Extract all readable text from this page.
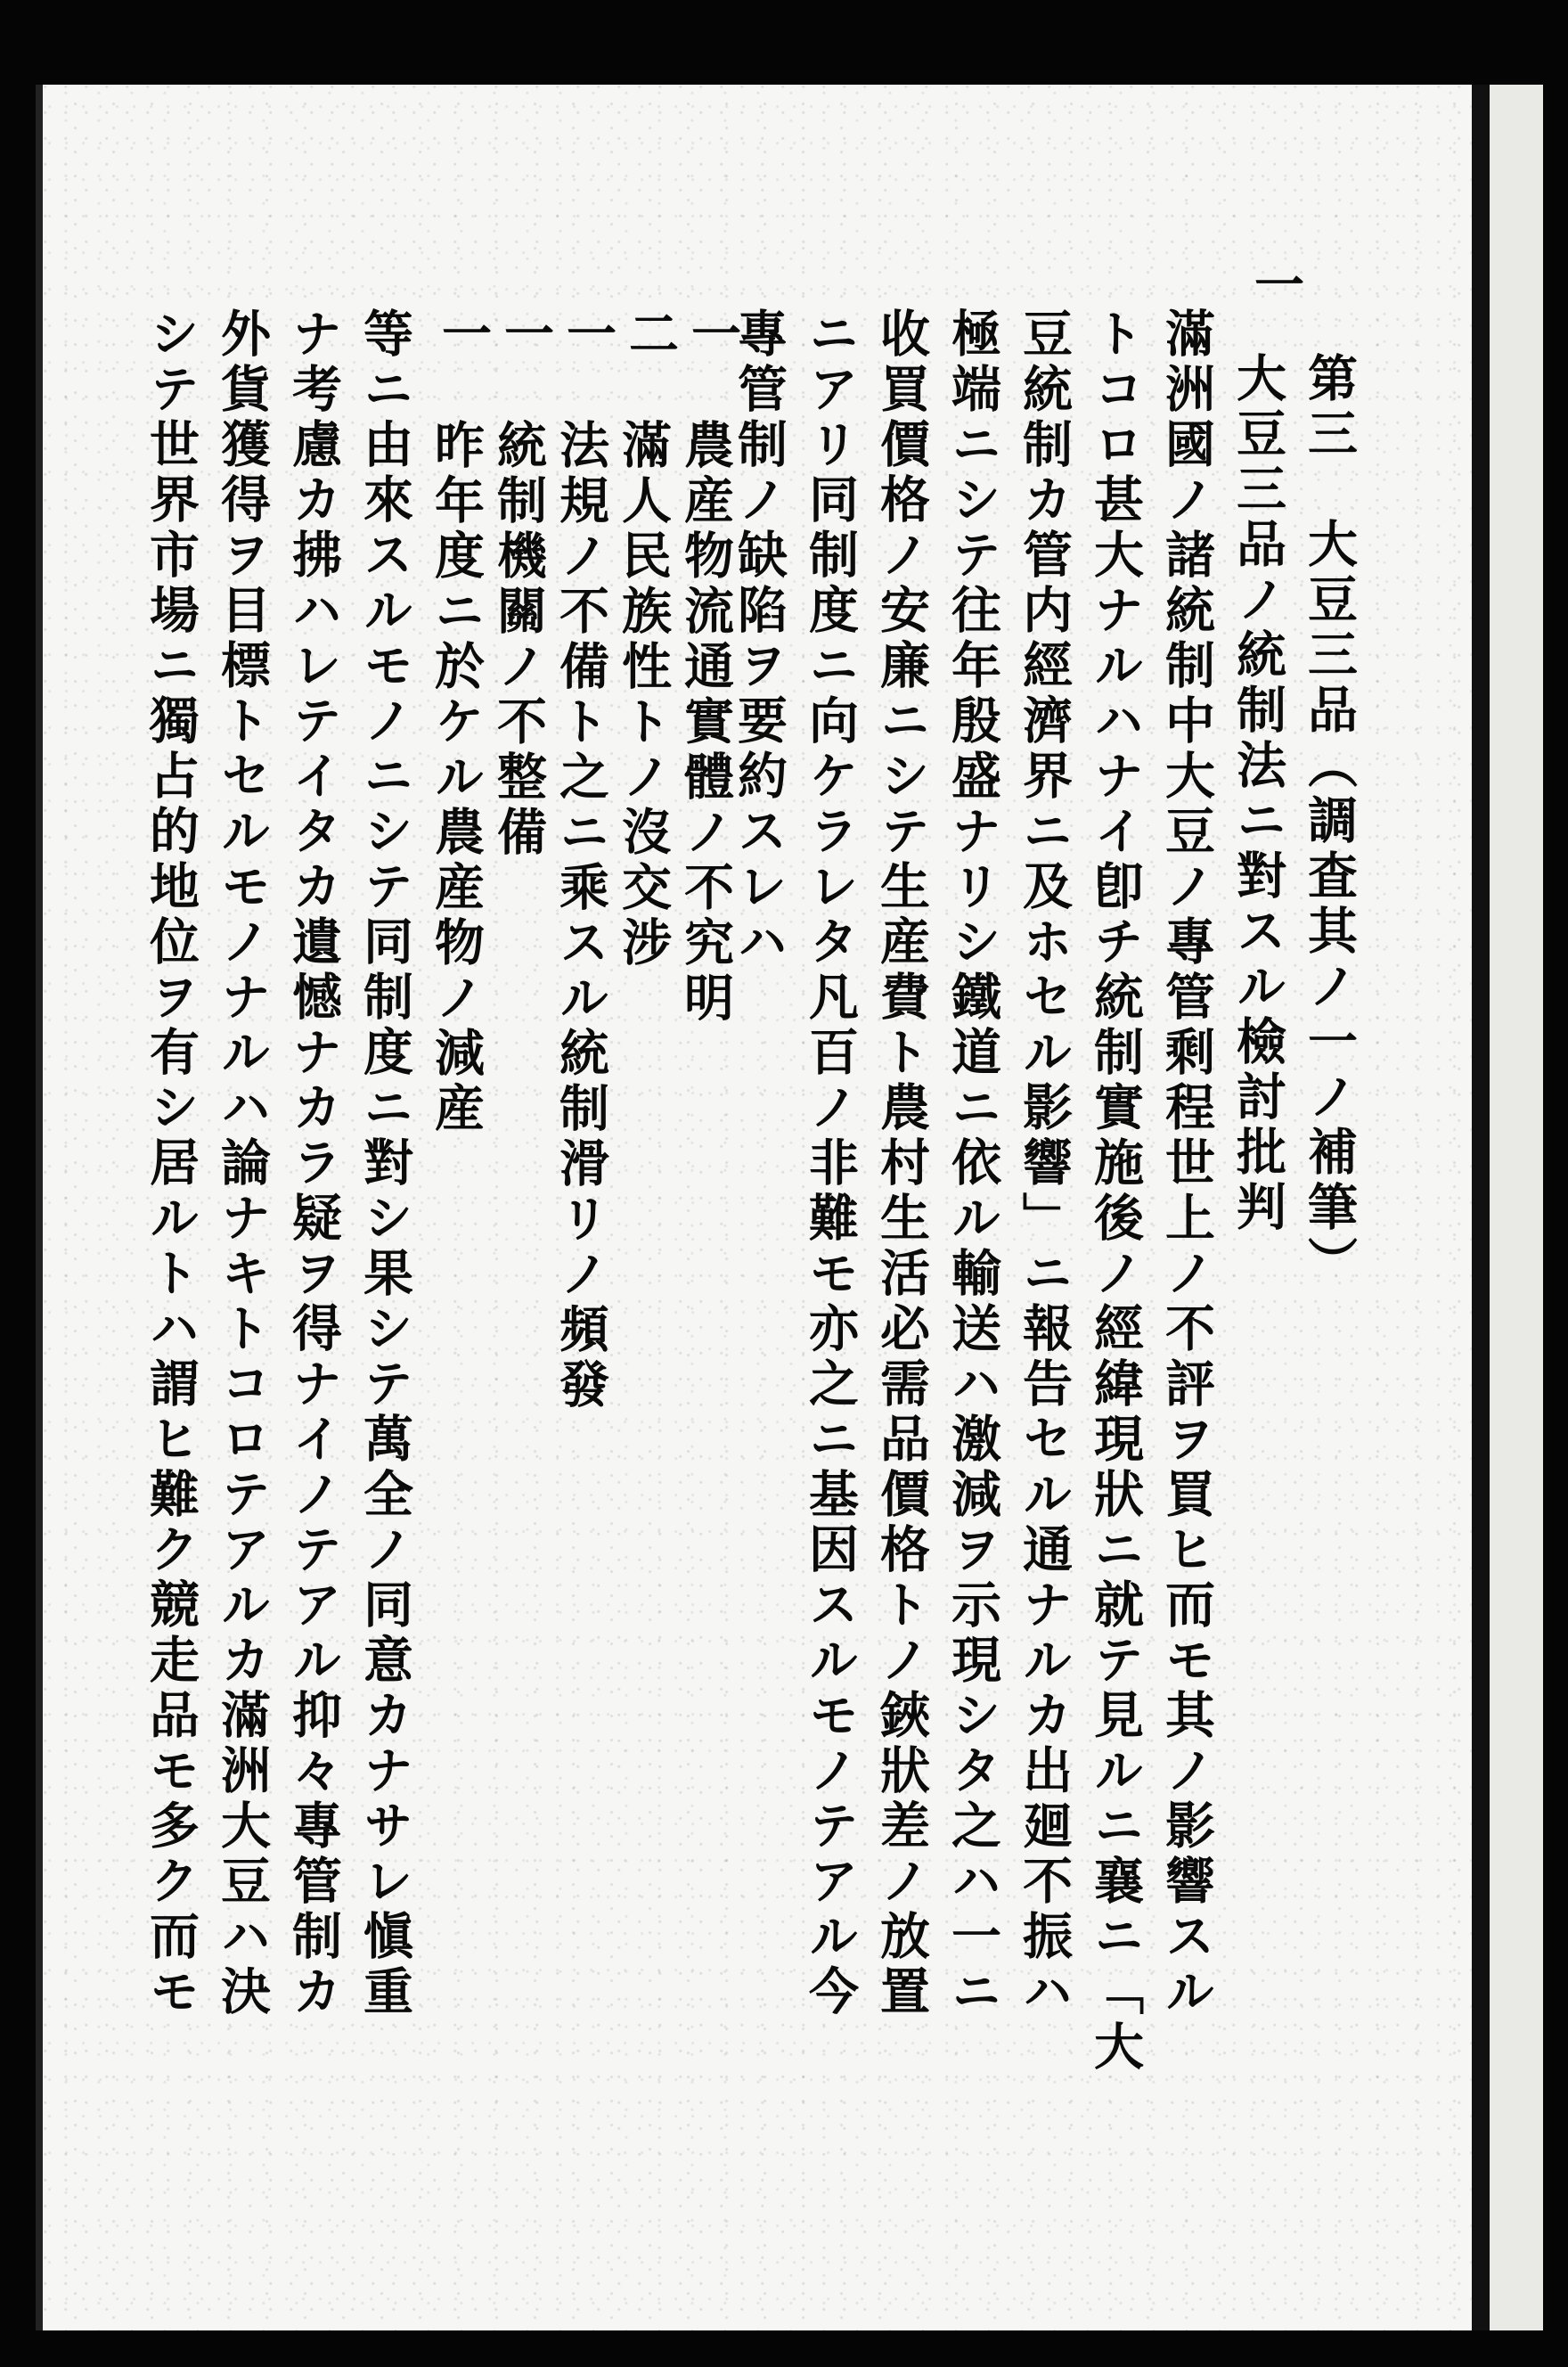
一
第三　大豆三品（調査其ノ一ノ補筆）
大豆三品ノ統制法ニ對スル檢討批判
滿洲國ノ諸統制中大豆ノ專管剩程世上ノ不評ヲ買ヒ而モ其ノ影響スル
トコロ甚大ナルハナイ卽チ統制實施後ノ經緯現狀ニ就テ見ルニ襄ニ「大
豆統制カ管内經濟界ニ及ホセル影響」ニ報告セル通ナルカ出廻不振ハ
極端ニシテ往年殷盛ナリシ鐵道ニ依ル輸送ハ激減ヲ示現シタ之ハ一ニ
收買價格ノ安廉ニシテ生産費ト農村生活必需品價格トノ鋏狀差ノ放置
ニアリ同制度ニ向ケラレタ凡百ノ非難モ亦之ニ基因スルモノテアル今
專管制ノ缺陷ヲ要約スレハ
一
農産物流通實體ノ不究明
二
滿人民族性トノ沒交涉
一
法規ノ不備ト之ニ乘スル統制滑リノ頻發
一
統制機關ノ不整備
一
昨年度ニ於ケル農産物ノ減産
等ニ由來スルモノニシテ同制度ニ對シ果シテ萬全ノ同意カナサレ愼重
ナ考慮カ拂ハレテイタカ遺憾ナカラ疑ヲ得ナイノテアル抑々專管制カ
外貨獲得ヲ目標トセルモノナルハ論ナキトコロテアルカ滿洲大豆ハ決
シテ世界市場ニ獨占的地位ヲ有シ居ルトハ謂ヒ難ク競走品モ多ク而モ
